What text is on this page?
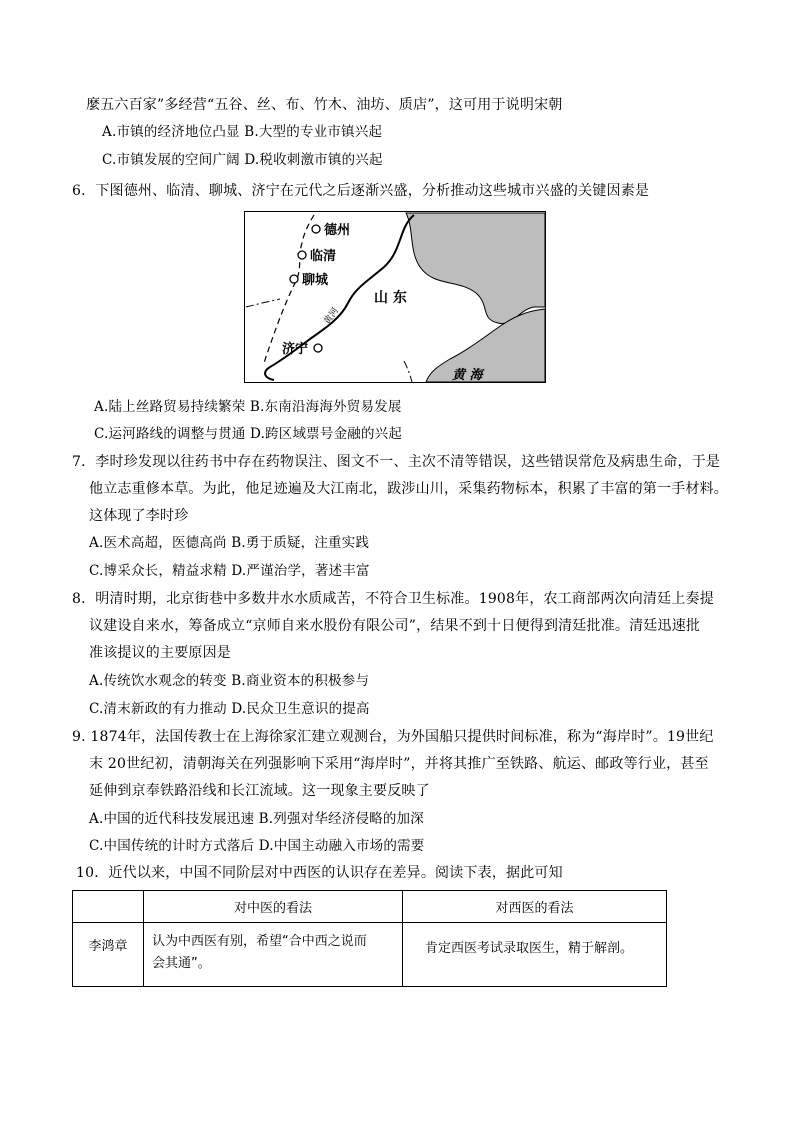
麼五六百家”多经营“五谷、丝、布、竹木、油坊、质店”，这可用于说明宋朝
A.市镇的经济地位凸显 B.大型的专业市镇兴起
C.市镇发展的空间广阔 D.税收刺激市镇的兴起
6．下图德州、临清、聊城、济宁在元代之后逐渐兴盛，分析推动这些城市兴盛的关键因素是
德州
临清
聊城
济宁
山 东
黄河
黄 海
A.陆上丝路贸易持续繁荣 B.东南沿海海外贸易发展
C.运河路线的调整与贯通 D.跨区域票号金融的兴起
7．李时珍发现以往药书中存在药物误注、图文不一、主次不清等错误，这些错误常危及病患生命，于是
他立志重修本草。为此，他足迹遍及大江南北，跋涉山川，采集药物标本，积累了丰富的第一手材料。
这体现了李时珍
A.医术高超，医德高尚 B.勇于质疑，注重实践
C.博采众长，精益求精 D.严谨治学，著述丰富
8．明清时期，北京街巷中多数井水水质咸苦，不符合卫生标准。1908年，农工商部两次向清廷上奏提
议建设自来水，筹备成立“京师自来水股份有限公司”，结果不到十日便得到清廷批准。清廷迅速批
准该提议的主要原因是
A.传统饮水观念的转变 B.商业资本的积极参与
C.清末新政的有力推动 D.民众卫生意识的提高
9. 1874年，法国传教士在上海徐家汇建立观测台，为外国船只提供时间标准，称为“海岸时”。19世纪
末 20世纪初，清朝海关在列强影响下采用“海岸时”，并将其推广至铁路、航运、邮政等行业，甚至
延伸到京奉铁路沿线和长江流域。这一现象主要反映了
A.中国的近代科技发展迅速 B.列强对华经济侵略的加深
C.中国传统的计时方式落后 D.中国主动融入市场的需要
10．近代以来，中国不同阶层对中西医的认识存在差异。阅读下表，据此可知
	对中医的看法	对西医的看法
李鸿章	认为中西医有别，希望“合中西之说而
会其通”。	肯定西医考试录取医生，精于解剖。
